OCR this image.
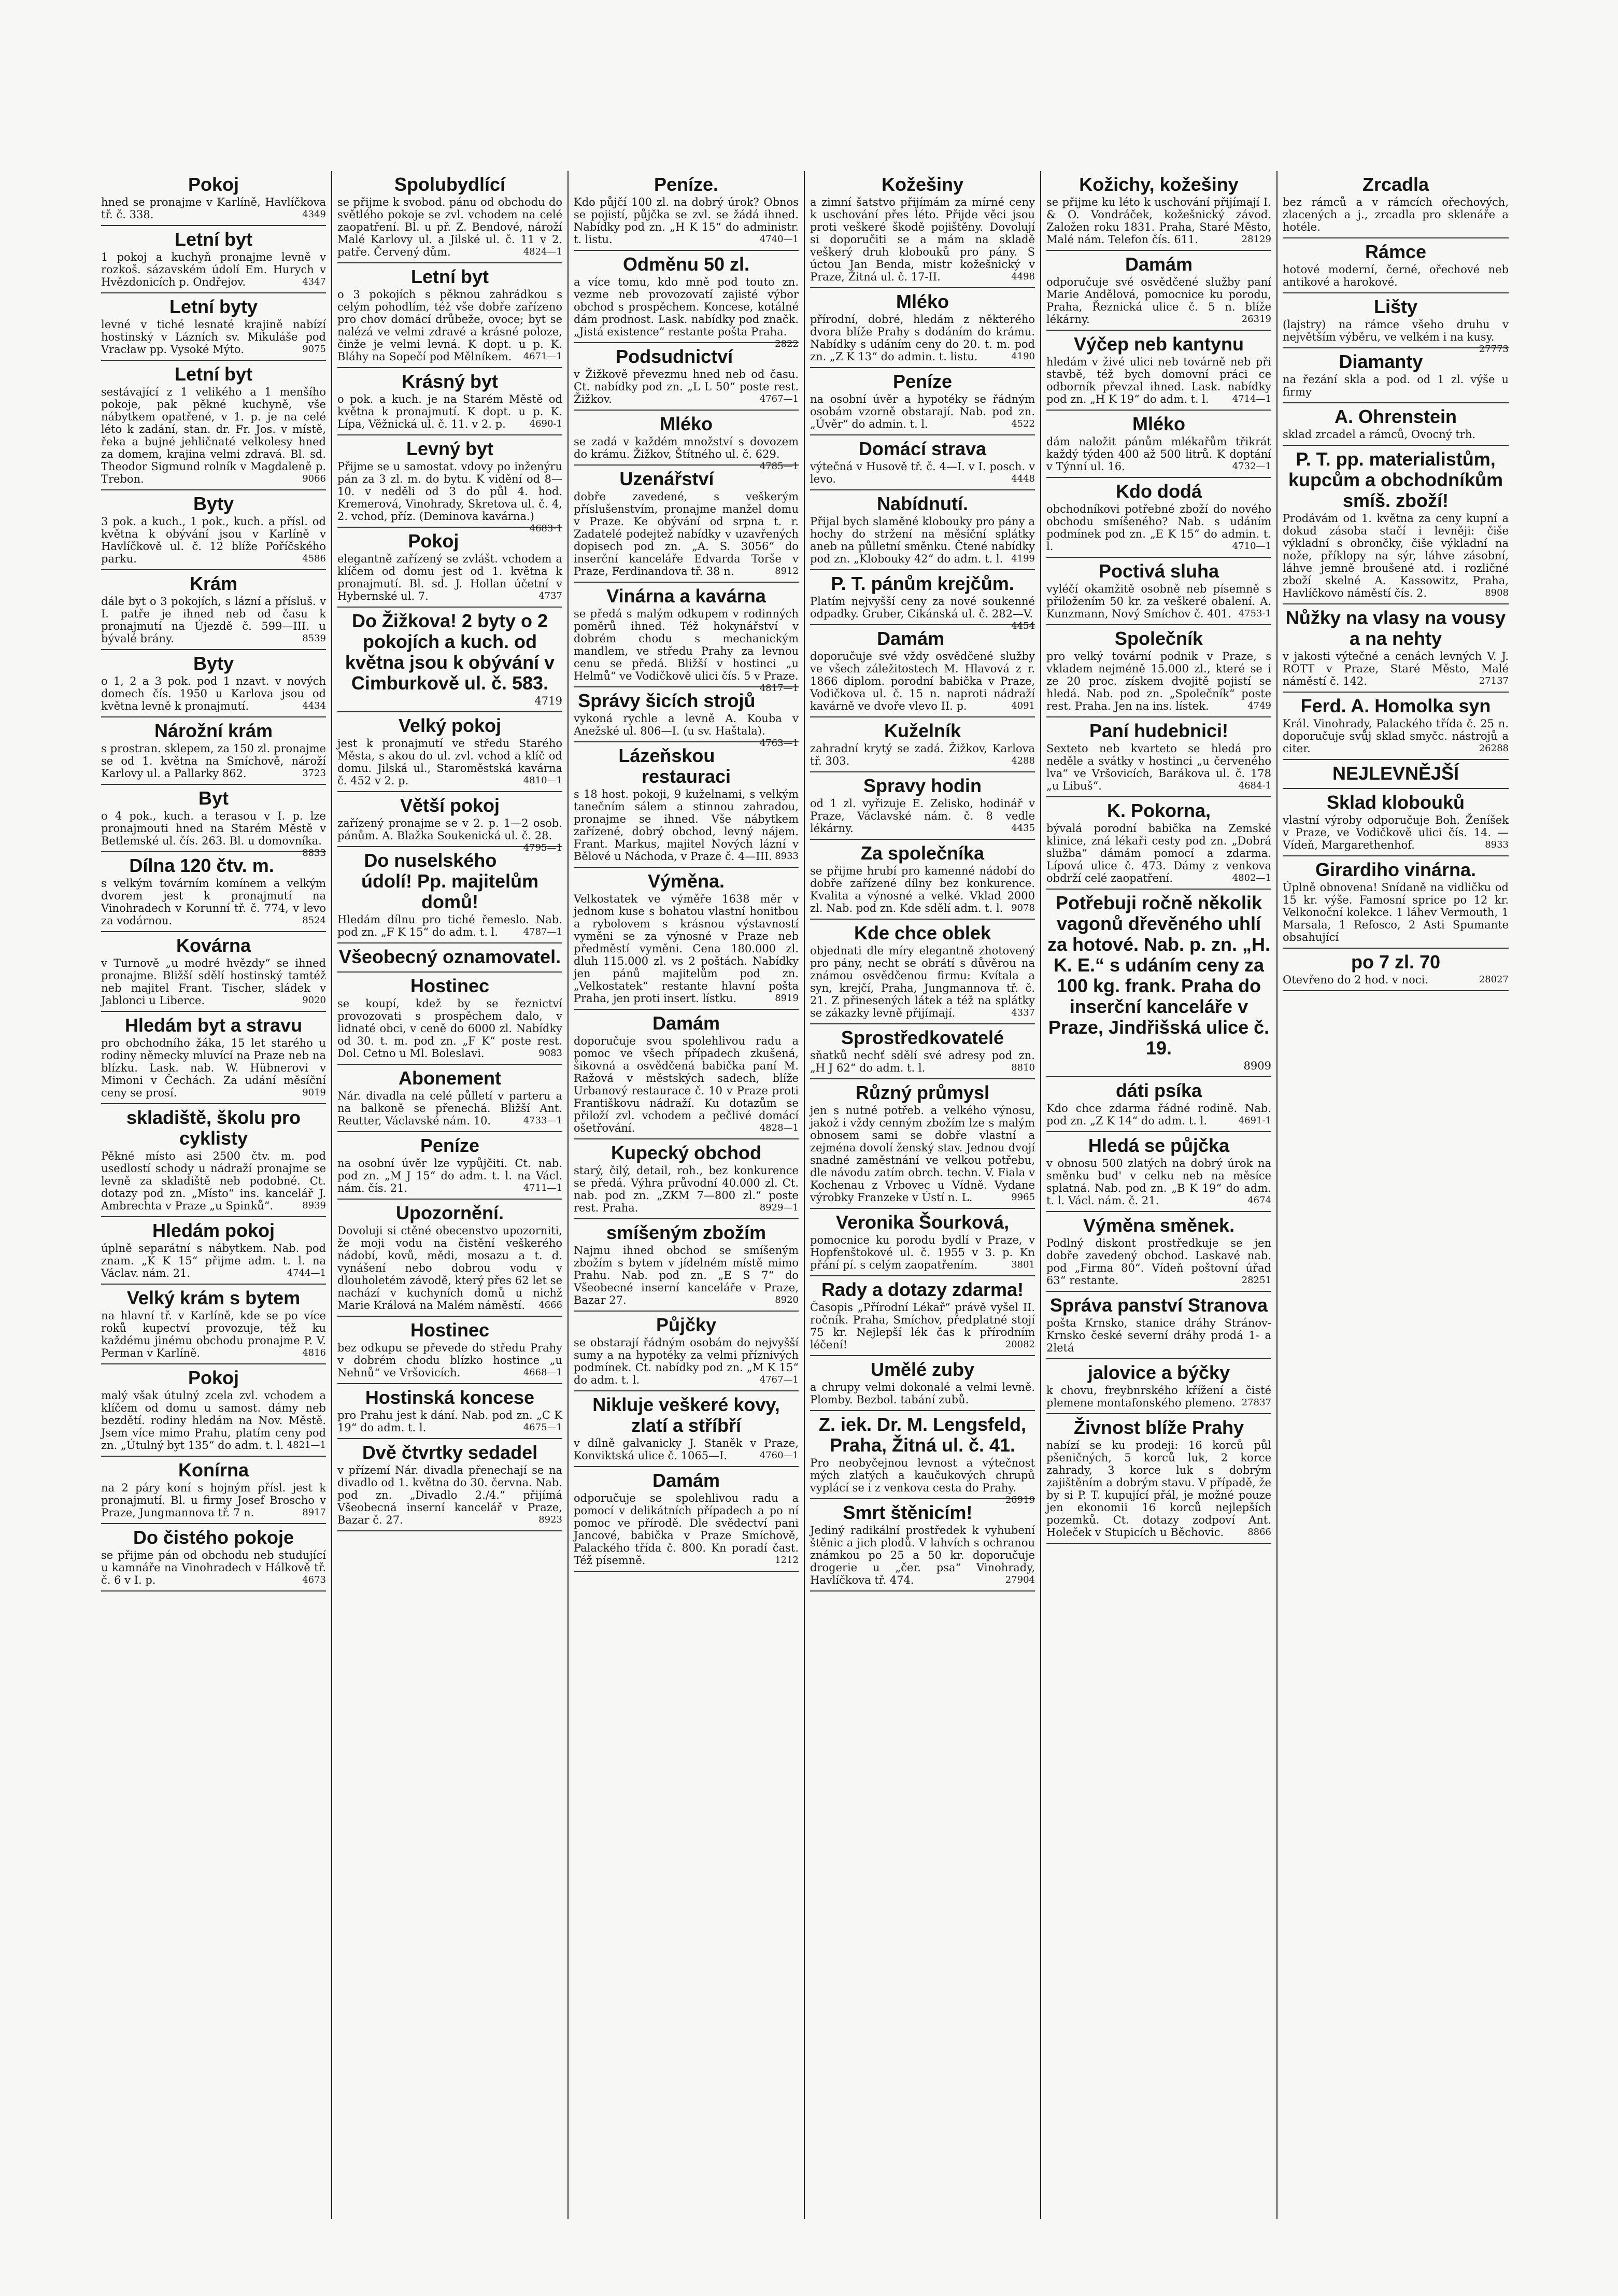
Pokoj

hned se pronajme v Karlíně, Havlíčkova tř. č. 338.	4349

Letní byt

1 pokoj a kuchyň pronajme levně v rozkoš. sázavském údolí Em. Hurych v Hvězdonicích p. Ondřejov.	4347

Letní byty

levné v tiché lesnaté krajině nabízí hostinský v Lázních sv. Mikuláše pod Vracław pp. Vysoké Mýto.	9075

Letní byt

sestávající z 1 velikého a 1 menšího pokoje, pak pěkné kuchyně, vše nábytkem opatřené, v 1. p. je na celé léto k zadání, stan. dr. Fr. Jos. v místě, řeka a bujné jehličnaté velkolesy hned za domem, krajina velmi zdravá. Bl. sd. Theodor Sigmund rolník v Magdaleně p. Trebon.	9066

Byty

3 pok. a kuch., 1 pok., kuch. a přísl. od května k obývání jsou v Karlíně v Havlíčkově ul. č. 12 blíže Poříčského parku.	4586

Krám

dále byt o 3 pokojích, s lázní a přísluš. v I. patře je ihned neb od času k pronajmutí na Újezdě č. 599—III. u bývalé brány.	8539

Byty

o 1, 2 a 3 pok. pod 1 nzavt. v nových domech čís. 1950 u Karlova jsou od května levně k pronajmutí.	4434

Nárožní krám

s prostran. sklepem, za 150 zl. pronajme se od 1. května na Smíchově, nároží Karlovy ul. a Pallarky 862.	3723

Byt

o 4 pok., kuch. a terasou v I. p. lze pronajmouti hned na Starém Městě v Betlemské ul. čís. 263. Bl. u domovníka.
8833

Dílna 120 čtv. m.

s velkým továrním komínem a velkým dvorem jest k pronajmutí na Vinohradech v Korunní tř. č. 774, v levo za vodárnou.	8524

Kovárna

v Turnově „u modré hvězdy“ se ihned pronajme. Bližší sdělí hostinský tamtéž neb majitel Frant. Tischer, sládek v Jablonci u Liberce.	9020

Hledám byt a stravu

pro obchodního žáka, 15 let starého u rodiny německy mluvící na Praze neb na blízku. Lask. nab. W. Hübnerovi v Mimoni v Čechách. Za udání měsíční ceny se prosí.	9019

skladiště, školu pro cyklisty

Pěkné místo asi 2500 čtv. m. pod usedlostí schody u nádraží pronajme se levně za skladiště neb podobné. Ct. dotazy pod zn. „Místo“ ins. kancelář J. Ambrechta v Praze „u Spinků“.	8939

Hledám pokoj

úplně separátní s nábytkem. Nab. pod znam. „K K 15“ přijme adm. t. l. na Václav. nám. 21.	4744—1

Velký krám s bytem

na hlavní tř. v Karlíně, kde se po více roků kupectví provozuje, též ku každému jinému obchodu pronajme P. V. Perman v Karlíně.	4816

Pokoj

malý však útulný zcela zvl. vchodem a klíčem od domu u samost. dámy neb bezdětí. rodiny hledám na Nov. Městě. Jsem více mimo Prahu, platím ceny pod zn. „Útulný byt 135“ do adm. t. l. 4821—1

Konírna

na 2 páry koní s hojným přísl. jest k pronajmutí. Bl. u firmy Josef Broscho v Praze, Jungmannova tř. 7 n.	8917

Do čistého pokoje

se přijme pán od obchodu neb studující u kamnáře na Vinohradech v Hálkově tř. č. 6 v I. p.	4673

Spolubydlící

se přijme k svobod. pánu od obchodu do světlého pokoje se zvl. vchodem na celé zaopatření. Bl. u př. Z. Bendové, nároží Malé Karlovy ul. a Jilské ul. č. 11 v 2. patře. Červený dům.	4824—1

Letní byt

o 3 pokojích s pěknou zahrádkou s celým pohodlím, též vše dobře zařízeno pro chov domácí drůbeže, ovoce; byt se nalézá ve velmi zdravé a krásné poloze, činže je velmi levná. K dopt. u p. K. Bláhy na Sopečí pod Mělníkem. 4671—1

Krásný byt

o pok. a kuch. je na Starém Městě od května k pronajmutí. K dopt. u p. K. Lípa, Věžnická ul. č. 11. v 2. p.	4690-1

Levný byt

Přijme se u samostat. vdovy po inženýru pán za 3 zl. m. do bytu. K vidění od 8—10. v neděli od 3 do půl 4. hod. Kremerová, Vinohrady, Skretova ul. č. 4, 2. vchod, příz. (Deminova kavárna.)
4683-1

Pokoj

elegantně zařízený se zvlášt. vchodem a klíčem od domu jest od 1. května k pronajmutí. Bl. sd. J. Hollan účetní v Hybernské ul. 7.	4737

Do Žižkova! 2 byty o 2 pokojích a kuch. od května jsou k obývání v Cimburkově ul. č. 583.

4719

Velký pokoj

jest k pronajmutí ve středu Starého Města, s akou do ul. zvl. vchod a klíč od domu. Jilská ul., Staroměstská kavárna č. 452 v 2. p.	4810—1

Větší pokoj

zařízený pronajme se v 2. p. 1—2 osob. pánům. A. Blažka Soukenická ul. č. 28.
4795—1

Do nuselského údolí! Pp. majitelům domů!

Hledám dílnu pro tiché řemeslo. Nab. pod zn. „F K 15“ do adm. t. l.	4787—1

Všeobecný oznamovatel.
Hostinec

se koupí, kdež by se řeznictví provozovati s prospěchem dalo, v lidnaté obci, v ceně do 6000 zl. Nabídky od 30. t. m. pod zn. „F K“ poste rest. Dol. Cetno u Ml. Boleslavi.	9083

Abonement

Nár. divadla na celé půlletí v parteru a na balkoně se přenechá. Bližší Ant. Reutter, Václavské nám. 10.	4733—1

Peníze

na osobní úvěr lze vypůjčiti. Ct. nab. pod zn. „M J 15“ do adm. t. l. na Václ. nám. čís. 21.	4711—1

Upozornění.

Dovoluji si ctěné obecenstvo upozorniti, že moji vodu na čistění veškerého nádobí, kovů, mědi, mosazu a t. d. vynášení nebo dobrou vodu v dlouholetém závodě, který přes 62 let se nachází v kuchyních domů u nichž Marie Králová na Malém náměstí. 4666

Hostinec

bez odkupu se převede do středu Prahy v dobrém chodu blízko hostince „u Nehnů“ ve Vršovicích.	4668—1

Hostinská koncese

pro Prahu jest k dání. Nab. pod zn. „C K 19“ do adm. t. l.	4675—1

Dvě čtvrtky sedadel

v přízemí Nár. divadla přenechají se na divadlo od 1. května do 30. června. Nab. pod zn. „Divadlo 2./4.“ přijímá Všeobecná inserní kancelář v Praze, Bazar č. 27.	8923

Peníze.

Kdo půjčí 100 zl. na dobrý úrok? Obnos se pojistí, půjčka se zvl. se žádá ihned. Nabídky pod zn. „H K 15“ do administr. t. listu.	4740—1

Odměnu 50 zl.

a více tomu, kdo mně pod touto zn. vezme neb provozovatí zajisté výbor obchod s prospěchem. Koncese, kotálné dám prodnost. Lask. nabídky pod značk. „Jistá existence“ restante pošta Praha.
2822

Podsudnictví

v Žižkově převezmu hned neb od času. Ct. nabídky pod zn. „L L 50“ poste rest. Žižkov.	4767—1

Mléko

se zadá v každém množství s dovozem do krámu. Žižkov, Štítného ul. č. 629.
4785—1

Uzenářství

dobře zavedené, s veškerým příslušenstvím, pronajme manžel domu v Praze. Ke obývání od srpna t. r. Zadatelé podejtež nabídky v uzavřených dopisech pod zn. „A. S. 3056“ do inserční kanceláře Edvarda Torše v Praze, Ferdinandova tř. 38 n.	8912

Vinárna a kavárna

se předá s malým odkupem v rodinných poměrů ihned. Též hokynářství v dobrém chodu s mechanickým mandlem, ve středu Prahy za levnou cenu se předá. Bližší v hostinci „u Helmů“ ve Vodičkově ulici čís. 5 v Praze.
4817—1

Správy šicích strojů

vykoná rychle a levně A. Kouba v Anežské ul. 806—I. (u sv. Haštala).
4763—1

Lázeňskou restauraci

s 18 host. pokoji, 9 kuželnami, s velkým tanečním sálem a stinnou zahradou, pronajme se ihned. Vše nábytkem zařízené, dobrý obchod, levný nájem. Frant. Markus, majitel Nových lázní v Bělové u Náchoda, v Praze č. 4—III. 8933

Výměna.

Velkostatek ve výměře 1638 měr v jednom kuse s bohatou vlastní honitbou a rybolovem s krásnou výstavností vyměni se za výnosné v Praze neb předměstí vyměni. Cena 180.000 zl. dluh 115.000 zl. vs 2 poštách. Nabídky jen pánů majitelům pod zn. „Velkostatek“ restante hlavní pošta Praha, jen proti insert. lístku.	8919

Damám

doporučuje svou spolehlivou radu a pomoc ve všech případech zkušená, šikovná a osvědčená babička paní M. Ražová v městských sadech, blíže Urbanový restaurace č. 10 v Praze proti Františkovu nádraží. Ku dotazům se přiloží zvl. vchodem a pečlivé domácí ošetřování.	4828—1

Kupecký obchod

starý, čilý, detail, roh., bez konkurence se předá. Výhra průvodní 40.000 zl. Ct. nab. pod zn. „ZKM 7—800 zl.“ poste rest. Praha.	8929—1

smíšeným zbožím

Najmu ihned obchod se smíšeným zbožím s bytem v jídelném místě mimo Prahu. Nab. pod zn. „E S 7“ do Všeobecné inserní kanceláře v Praze, Bazar 27.	8920

Půjčky

se obstarají řádným osobám do nejvyšší sumy a na hypotéky za velmi příznivých podmínek. Ct. nabídky pod zn. „M K 15“ do adm. t. l.	4767—1

Nikluje veškeré kovy, zlatí a stříbří

v dílně galvanicky J. Staněk v Praze, Konviktská ulice č. 1065—I.	4760—1

Damám

odporučuje se spolehlivou radu a pomocí v delikátních případech a po ní pomoc ve přírodě. Dle svědectví pani Jancové, babička v Praze Smíchově, Palackého třída č. 800. Kn poradí čast. Též písemně.	1212

Kožešiny

a zimní šatstvo přijímám za mírné ceny k uschování přes léto. Přijde věci jsou proti veškeré škodě pojištěny. Dovolují si doporučiti se a mám na skladě veškerý druh klobouků pro pány. S úctou Jan Benda, mistr kožešnický v Praze, Žitná ul. č. 17-II.	4498

Mléko

přírodní, dobré, hledám z některého dvora blíže Prahy s dodáním do krámu. Nabídky s udáním ceny do 20. t. m. pod zn. „Z K 13“ do admin. t. listu.	4190

Peníze

na osobní úvěr a hypotéky se řádným osobám vzorně obstarají. Nab. pod zn. „Úvěr“ do admin. t. l.	4522

Domácí strava

výtečná v Husově tř. č. 4—I. v I. posch. v levo.	4448

Nabídnutí.

Přijal bych slaměné klobouky pro pány a hochy do stržení na měsíční splátky aneb na půlletní směnku. Čtené nabídky pod zn. „Klobouky 42“ do adm. t. l. 4199

P. T. pánům krejčům.

Platím nejvyšší ceny za nové soukenné odpadky. Gruber, Cikánská ul. č. 282—V.
4454

Damám

doporučuje své vždy osvědčené služby ve všech záležitostech M. Hlavová z r. 1866 diplom. porodní babička v Praze, Vodičkova ul. č. 15 n. naproti nádraží kavárně ve dvoře vlevo II. p.	4091

Kuželník

zahradní krytý se zadá. Žižkov, Karlova tř. 303.	4288

Spravy hodin

od 1 zl. vyřizuje E. Zelisko, hodinář v Praze, Václavské nám. č. 8 vedle lékárny.	4435

Za společníka

se přijme hrubí pro kamenné nádobí do dobře zařízené dílny bez konkurence. Kvalita a výnosné a velké. Vklad 2000 zl. Nab. pod zn. Kde sdělí adm. t. l. 9078

Kde chce oblek

objednati dle míry elegantně zhotovený pro pány, necht se obrátí s důvěrou na známou osvědčenou firmu: Kvítala a syn, krejčí, Praha, Jungmannova tř. č. 21. Z přinesených látek a též na splátky se zákazky levně přijímají.	4337

Sprostředkovatelé

sňatků nechť sdělí své adresy pod zn. „H J 62“ do adm. t. l.	8810

Různý průmysl

jen s nutné potřeb. a velkého výnosu, jakož i vždy cenným zbožím lze s malým obnosem sami se dobře vlastní a zejména dovolí ženský stav. Jednou dvojí snadné zaměstnání ve velkou potřebu, dle návodu zatím obrch. techn. V. Fiala v Kochenau z Vrbovec u Vídně. Vydane výrobky Franzeke v Ústí n. L.	9965

Veronika Šourková,

pomocnice ku porodu bydlí v Praze, v Hopfenštokové ul. č. 1955 v 3. p. Kn přání pí. s celým zaopatřením.	3801

Rady a dotazy zdarma!

Časopis „Přírodní Lékař“ právě vyšel II. ročník. Praha, Smíchov, předplatné stojí 75 kr. Nejlepší lék čas k přírodním léčení!	20082

Umělé zuby

a chrupy velmi dokonalé a velmi levně. Plomby. Bezbol. tabání zubů.

Z. iek. Dr. M. Lengsfeld, Praha, Žitná ul. č. 41.

Pro neobyčejnou levnost a výtečnost mých zlatých a kaučukových chrupů vyplácí se i z venkova cesta do Prahy.
26919

Smrt štěnicím!

Jediný radikální prostředek k vyhubení štěnic a jich plodů. V lahvích s ochranou známkou po 25 a 50 kr. doporučuje drogerie u „čer. psa“ Vinohrady, Havlíčkova tř. 474.	27904

Kožichy, kožešiny

se přijme ku léto k uschování přijímají I. & O. Vondráček, kožešnický závod. Založen roku 1831. Praha, Staré Město, Malé nám. Telefon čís. 611.	28129

Damám

odporučuje své osvědčené služby paní Marie Andělová, pomocnice ku porodu, Praha, Řeznická ulice č. 5 n. blíže lékárny.	26319

Výčep neb kantynu

hledám v živé ulici neb továrně neb při stavbě, též bych domovní práci ce odborník převzal ihned. Lask. nabídky pod zn. „H K 19“ do adm. t. l.	4714—1

Mléko

dám naložit pánům mlékařům třikrát každý týden 400 až 500 litrů. K doptání v Týnní ul. 16.	4732—1

Kdo dodá

obchodníkovi potřebné zboží do nového obchodu smíšeného? Nab. s udáním podmínek pod zn. „E K 15“ do admin. t. l.	4710—1

Poctivá sluha

vyléčí okamžitě osobně neb písemně s přiložením 50 kr. za veškeré obalení. A. Kunzmann, Nový Smíchov č. 401. 4753-1

Společník

pro velký tovární podnik v Praze, s vkladem nejméně 15.000 zl., které se i ze 20 proc. získem dvojitě pojistí se hledá. Nab. pod zn. „Společník“ poste rest. Praha. Jen na ins. lístek.	4749

Paní hudebnici!

Sexteto neb kvarteto se hledá pro neděle a svátky v hostinci „u červeného lva“ ve Vršovicích, Barákova ul. č. 178 „u Libuš“.	4684-1

K. Pokorna,

bývalá porodní babička na Zemské klinice, zná lékaři cesty pod zn. „Dobrá služba“ dámám pomocí a zdarma. Lípová ulice č. 473. Dámy z venkova obdrží celé zaopatření.	4802—1

Potřebuji ročně několik vagonů dřevěného uhlí za hotové. Nab. p. zn. „H. K. E.“ s udáním ceny za 100 kg. frank. Praha do inserční kanceláře v Praze, Jindřišská ulice č. 19.

8909

dáti psíka

Kdo chce zdarma řádné rodině. Nab. pod zn. „Z K 14“ do adm. t. l.	4691-1

Hledá se půjčka

v obnosu 500 zlatých na dobrý úrok na směnku bud' v celku neb na měsíce splatná. Nab. pod zn. „B K 19“ do adm. t. l. Václ. nám. č. 21.	4674

Výměna směnek.

Podlný diskont prostředkuje se jen dobře zavedený obchod. Laskavé nab. pod „Firma 80“. Vídeň poštovní úřad 63“ restante.	28251

Správa panství Stranova

pošta Krnsko, stanice dráhy Stránov-Krnsko české severní dráhy prodá 1- a 2letá

jalovice a býčky

k chovu, freybnrského křížení a čisté plemene montafonského plemeno. 27837

Živnost blíže Prahy

nabízí se ku prodeji: 16 korců půl pšeničných, 5 korců luk, 2 korce zahrady, 3 korce luk s dobrým zajištěním a dobrým stavu. V případě, že by si P. T. kupující přál, je možné pouze jen ekonomii 16 korců nejlepších pozemků. Ct. dotazy zodpoví Ant. Holeček v Stupicích u Běchovic.	8866

Zrcadla

bez rámců a v rámcích ořechových, zlacených a j., zrcadla pro sklenáře a hotéle.

Rámce

hotové moderní, černé, ořechové neb antikové a harokové.

Lišty

(lajstry) na rámce všeho druhu v největším výběru, ve velkém i na kusy.
27773

Diamanty

na řezání skla a pod. od 1 zl. výše u firmy

A. Ohrenstein

sklad zrcadel a rámců, Ovocný trh.

P. T. pp. materialistům, kupcům a obchodníkům smíš. zboží!

Prodávám od 1. května za ceny kupní a dokud zásoba stačí i levněji: čiše výkladní s obrončky, čiše výkladní na nože, příklopy na sýr, láhve zásobní, láhve jemně broušené atd. i rozličné zboží skelné A. Kassowitz, Praha, Havlíčkovo náměstí čís. 2.	8908

Nůžky na vlasy na vousy a na nehty

v jakosti výtečné a cenách levných V. J. ROTT v Praze, Staré Město, Malé náměstí č. 142.	27137

Ferd. A. Homolka syn

Král. Vinohrady, Palackého třída č. 25 n. doporučuje svůj sklad smyčc. nástrojů a citer.	26288

NEJLEVNĚJŠÍ
Sklad klobouků

vlastní výroby odporučuje Boh. Ženíšek v Praze, ve Vodičkově ulici čís. 14. — Vídeň, Margarethenhof.	8933

Girardiho vinárna.

Úplně obnovena! Snídaně na vidličku od 15 kr. výše. Famosní sprice po 12 kr. Velkonoční kolekce. 1 láhev Vermouth, 1 Marsala, 1 Refosco, 2 Asti Spumante obsahující

po 7 zl. 70

Otevřeno do 2 hod. v noci.	28027
